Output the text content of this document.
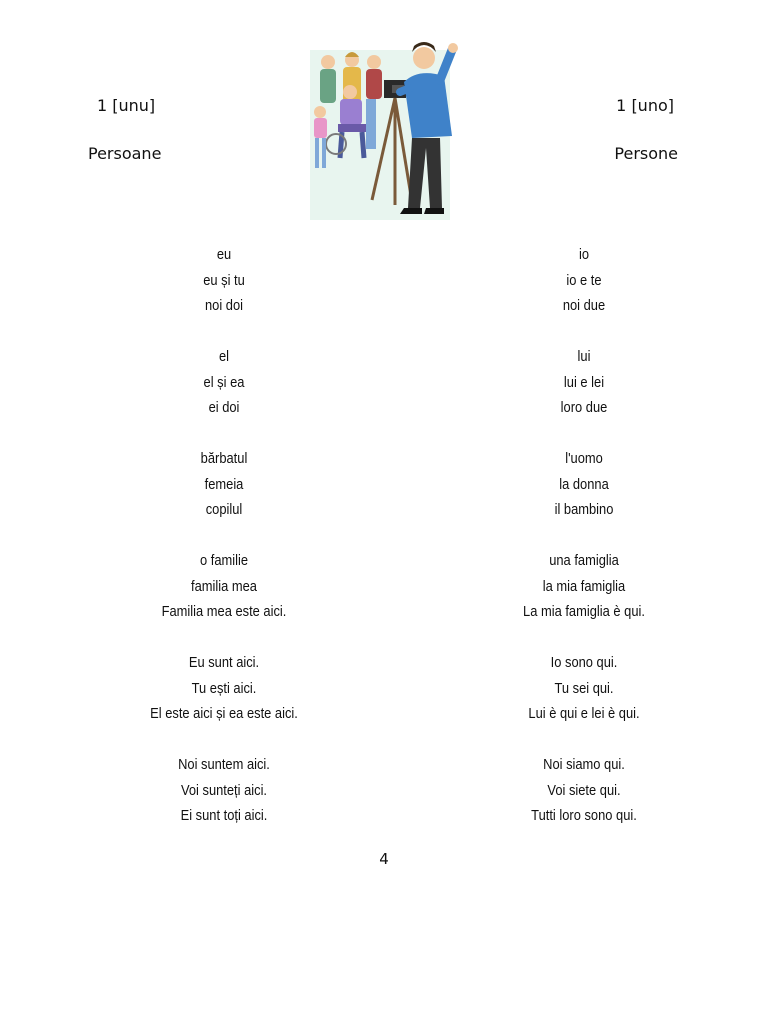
1 [unu]	1 [uno]
Persoane	Persone
eu
eu și tu
noi doi
el
el și ea
ei doi
bărbatul
femeia
copilul
o familie
familia mea
Familia mea este aici.
Eu sunt aici.
Tu ești aici.
El este aici și ea este aici.
Noi suntem aici.
Voi sunteți aici.
Ei sunt toți aici.
io
io e te
noi due
lui
lui e lei
loro due
l'uomo
la donna
il bambino
una famiglia
la mia famiglia
La mia famiglia è qui.
Io sono qui.
Tu sei qui.
Lui è qui e lei è qui.
Noi siamo qui.
Voi siete qui.
Tutti loro sono qui.
4
